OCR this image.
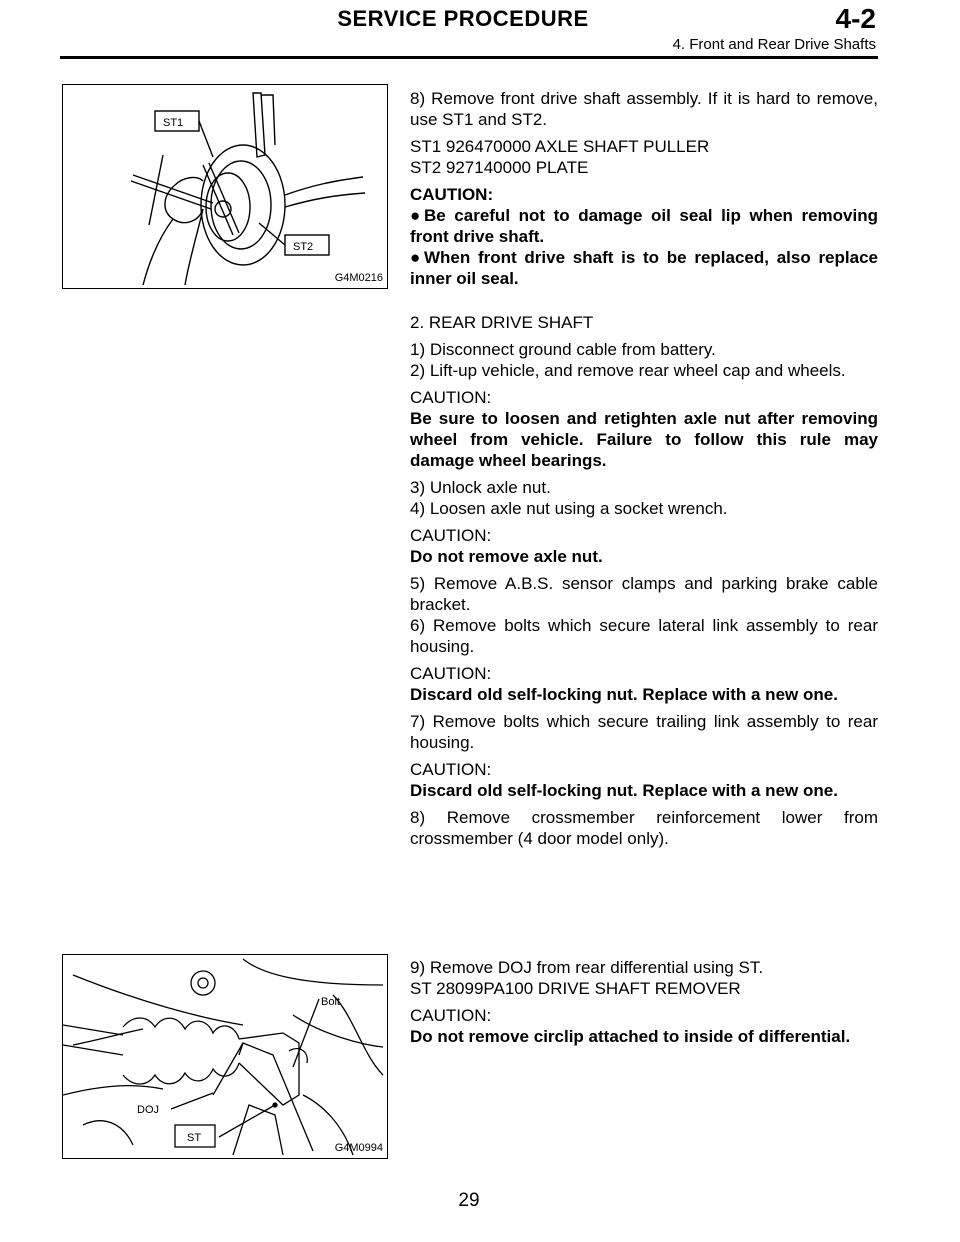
SERVICE PROCEDURE	4-2
4. Front and Rear Drive Shafts
ST1
ST2
G4M0216

8) Remove front drive shaft assembly. If it is hard to remove, use ST1 and ST2.

ST1 926470000 AXLE SHAFT PULLER

ST2 927140000 PLATE

CAUTION:

● Be careful not to damage oil seal lip when removing front drive shaft.

● When front drive shaft is to be replaced, also replace inner oil seal.

2. REAR DRIVE SHAFT

1) Disconnect ground cable from battery.

2) Lift-up vehicle, and remove rear wheel cap and wheels.

CAUTION:

Be sure to loosen and retighten axle nut after removing wheel from vehicle. Failure to follow this rule may damage wheel bearings.

3) Unlock axle nut.

4) Loosen axle nut using a socket wrench.

CAUTION:

Do not remove axle nut.

5) Remove A.B.S. sensor clamps and parking brake cable bracket.

6) Remove bolts which secure lateral link assembly to rear housing.

CAUTION:

Discard old self-locking nut. Replace with a new one.

7) Remove bolts which secure trailing link assembly to rear housing.

CAUTION:

Discard old self-locking nut. Replace with a new one.

8) Remove crossmember reinforcement lower from crossmember (4 door model only).

Bolt
DOJ
ST
G4M0994

9) Remove DOJ from rear differential using ST.

ST 28099PA100 DRIVE SHAFT REMOVER

CAUTION:

Do not remove circlip attached to inside of differential.

29
